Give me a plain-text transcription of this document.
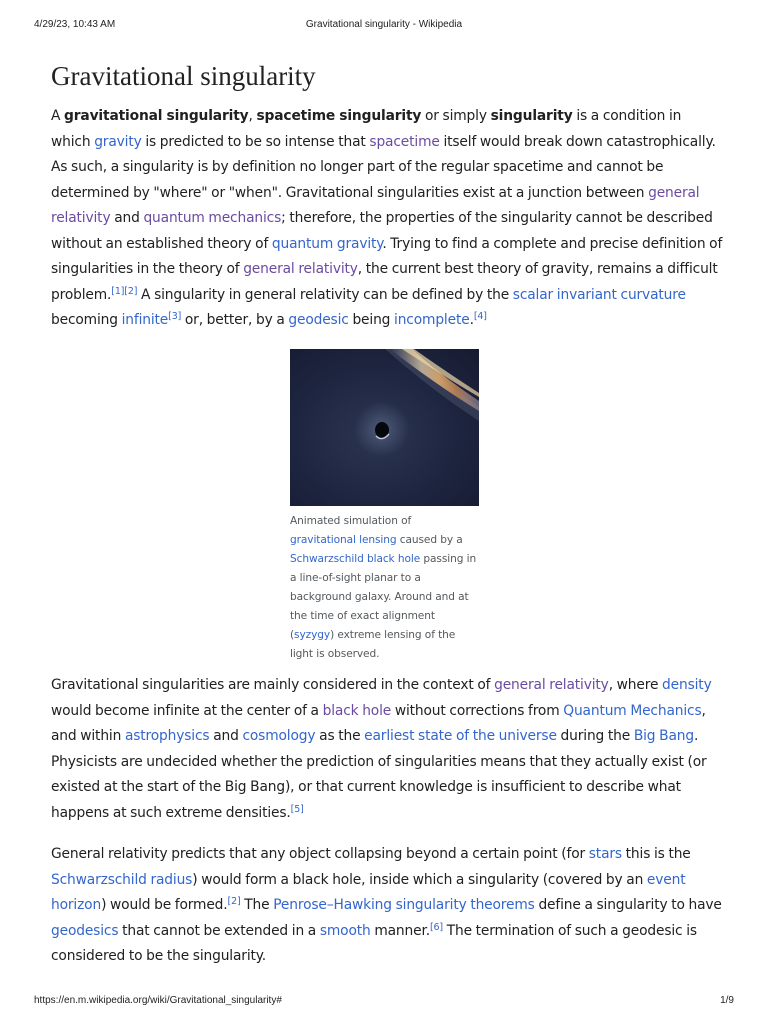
4/29/23, 10:43 AM	Gravitational singularity - Wikipedia
Gravitational singularity

A gravitational singularity, spacetime singularity or simply singularity is a condition in which gravity is predicted to be so intense that spacetime itself would break down catastrophically. As such, a singularity is by definition no longer part of the regular spacetime and cannot be determined by "where" or "when". Gravitational singularities exist at a junction between general relativity and quantum mechanics; therefore, the properties of the singularity cannot be described without an established theory of quantum gravity. Trying to find a complete and precise definition of singularities in the theory of general relativity, the current best theory of gravity, remains a difficult problem.[1][2] A singularity in general relativity can be defined by the scalar invariant curvature becoming infinite[3] or, better, by a geodesic being incomplete.[4]

Animated simulation of gravitational lensing caused by a Schwarzschild black hole passing in a line-of-sight planar to a background galaxy. Around and at the time of exact alignment (syzygy) extreme lensing of the light is observed.

Gravitational singularities are mainly considered in the context of general relativity, where density would become infinite at the center of a black hole without corrections from Quantum Mechanics, and within astrophysics and cosmology as the earliest state of the universe during the Big Bang. Physicists are undecided whether the prediction of singularities means that they actually exist (or existed at the start of the Big Bang), or that current knowledge is insufficient to describe what happens at such extreme densities.[5]

General relativity predicts that any object collapsing beyond a certain point (for stars this is the Schwarzschild radius) would form a black hole, inside which a singularity (covered by an event horizon) would be formed.[2] The Penrose–Hawking singularity theorems define a singularity to have geodesics that cannot be extended in a smooth manner.[6] The termination of such a geodesic is considered to be the singularity.

https://en.m.wikipedia.org/wiki/Gravitational_singularity#	1/9
